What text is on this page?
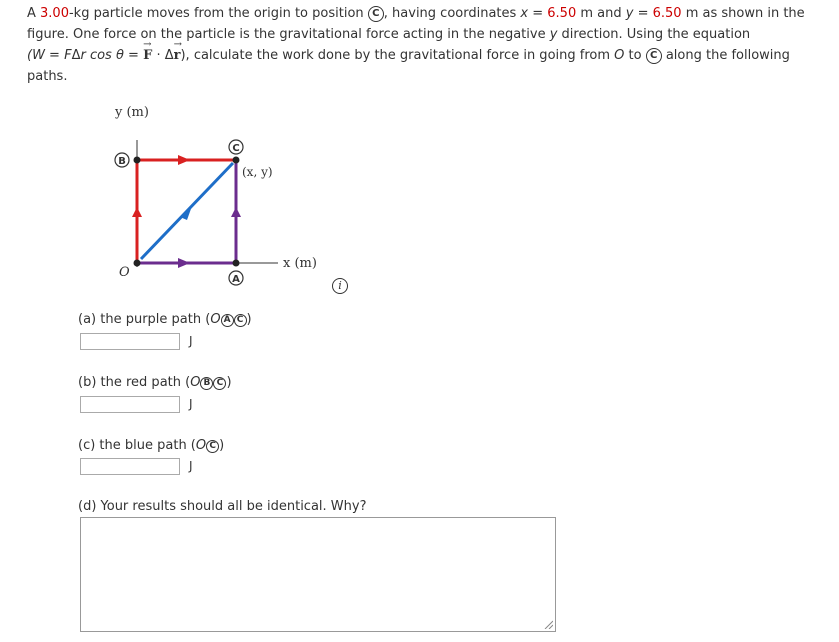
A 3.00-kg particle moves from the origin to position C , having coordinates x = 6.50 m and y = 6.50 m as shown in the figure. One force on the particle is the gravitational force acting in the negative y direction. Using the equation
(W = FΔr cos θ = → F · Δ→ r), calculate the work done by the gravitational force in going from O to C along the following paths.
y (m)
x (m)
O
B
C
A
(x, y)
i
(a) the purple path (O A C )
J
(b) the red path (O B C )
J
(c) the blue path (O C )
J
(d) Your results should all be identical. Why?
